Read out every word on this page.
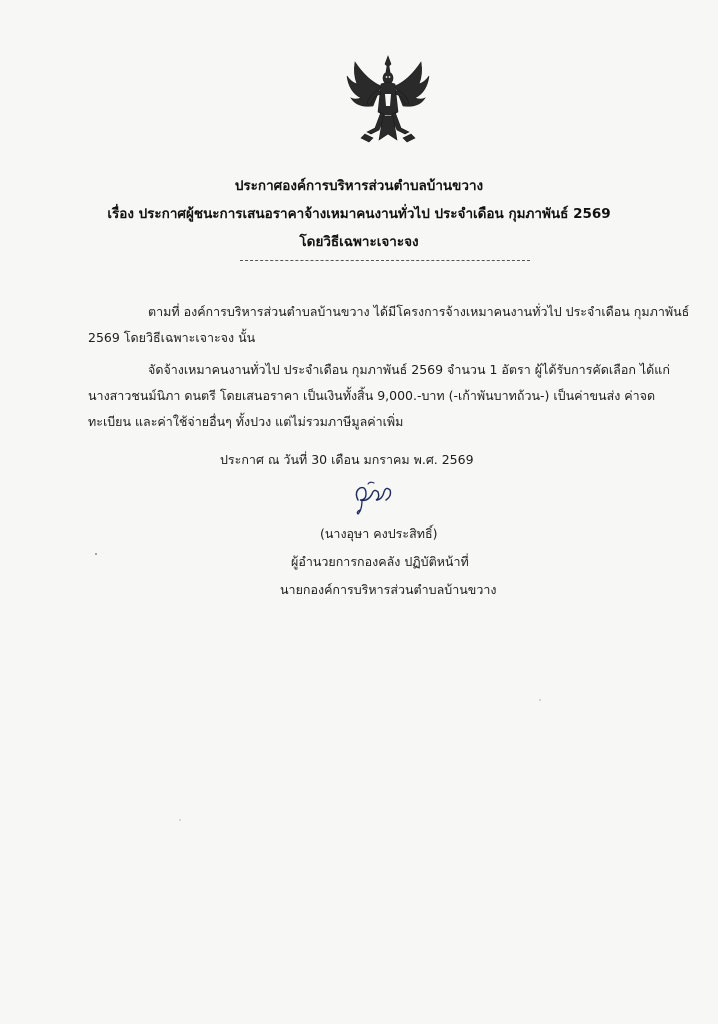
ประกาศองค์การบริหารส่วนตำบลบ้านขวาง
เรื่อง ประกาศผู้ชนะการเสนอราคาจ้างเหมาคนงานทั่วไป ประจำเดือน กุมภาพันธ์ 2569
โดยวิธีเฉพาะเจาะจง
ตามที่ องค์การบริหารส่วนตำบลบ้านขวาง ได้มีโครงการจ้างเหมาคนงานทั่วไป ประจำเดือน กุมภาพันธ์
2569 โดยวิธีเฉพาะเจาะจง นั้น
จัดจ้างเหมาคนงานทั่วไป ประจำเดือน กุมภาพันธ์ 2569 จำนวน 1 อัตรา ผู้ได้รับการคัดเลือก ได้แก่
นางสาวชนม์นิภา ดนตรี โดยเสนอราคา เป็นเงินทั้งสิ้น 9,000.-บาท (-เก้าพันบาทถ้วน-) เป็นค่าขนส่ง ค่าจด
ทะเบียน และค่าใช้จ่ายอื่นๆ ทั้งปวง แต่ไม่รวมภาษีมูลค่าเพิ่ม
ประกาศ ณ วันที่ 30 เดือน มกราคม พ.ศ. 2569
(นางอุษา คงประสิทธิ์)
ผู้อำนวยการกองคลัง ปฏิบัติหน้าที่
นายกองค์การบริหารส่วนตำบลบ้านขวาง
